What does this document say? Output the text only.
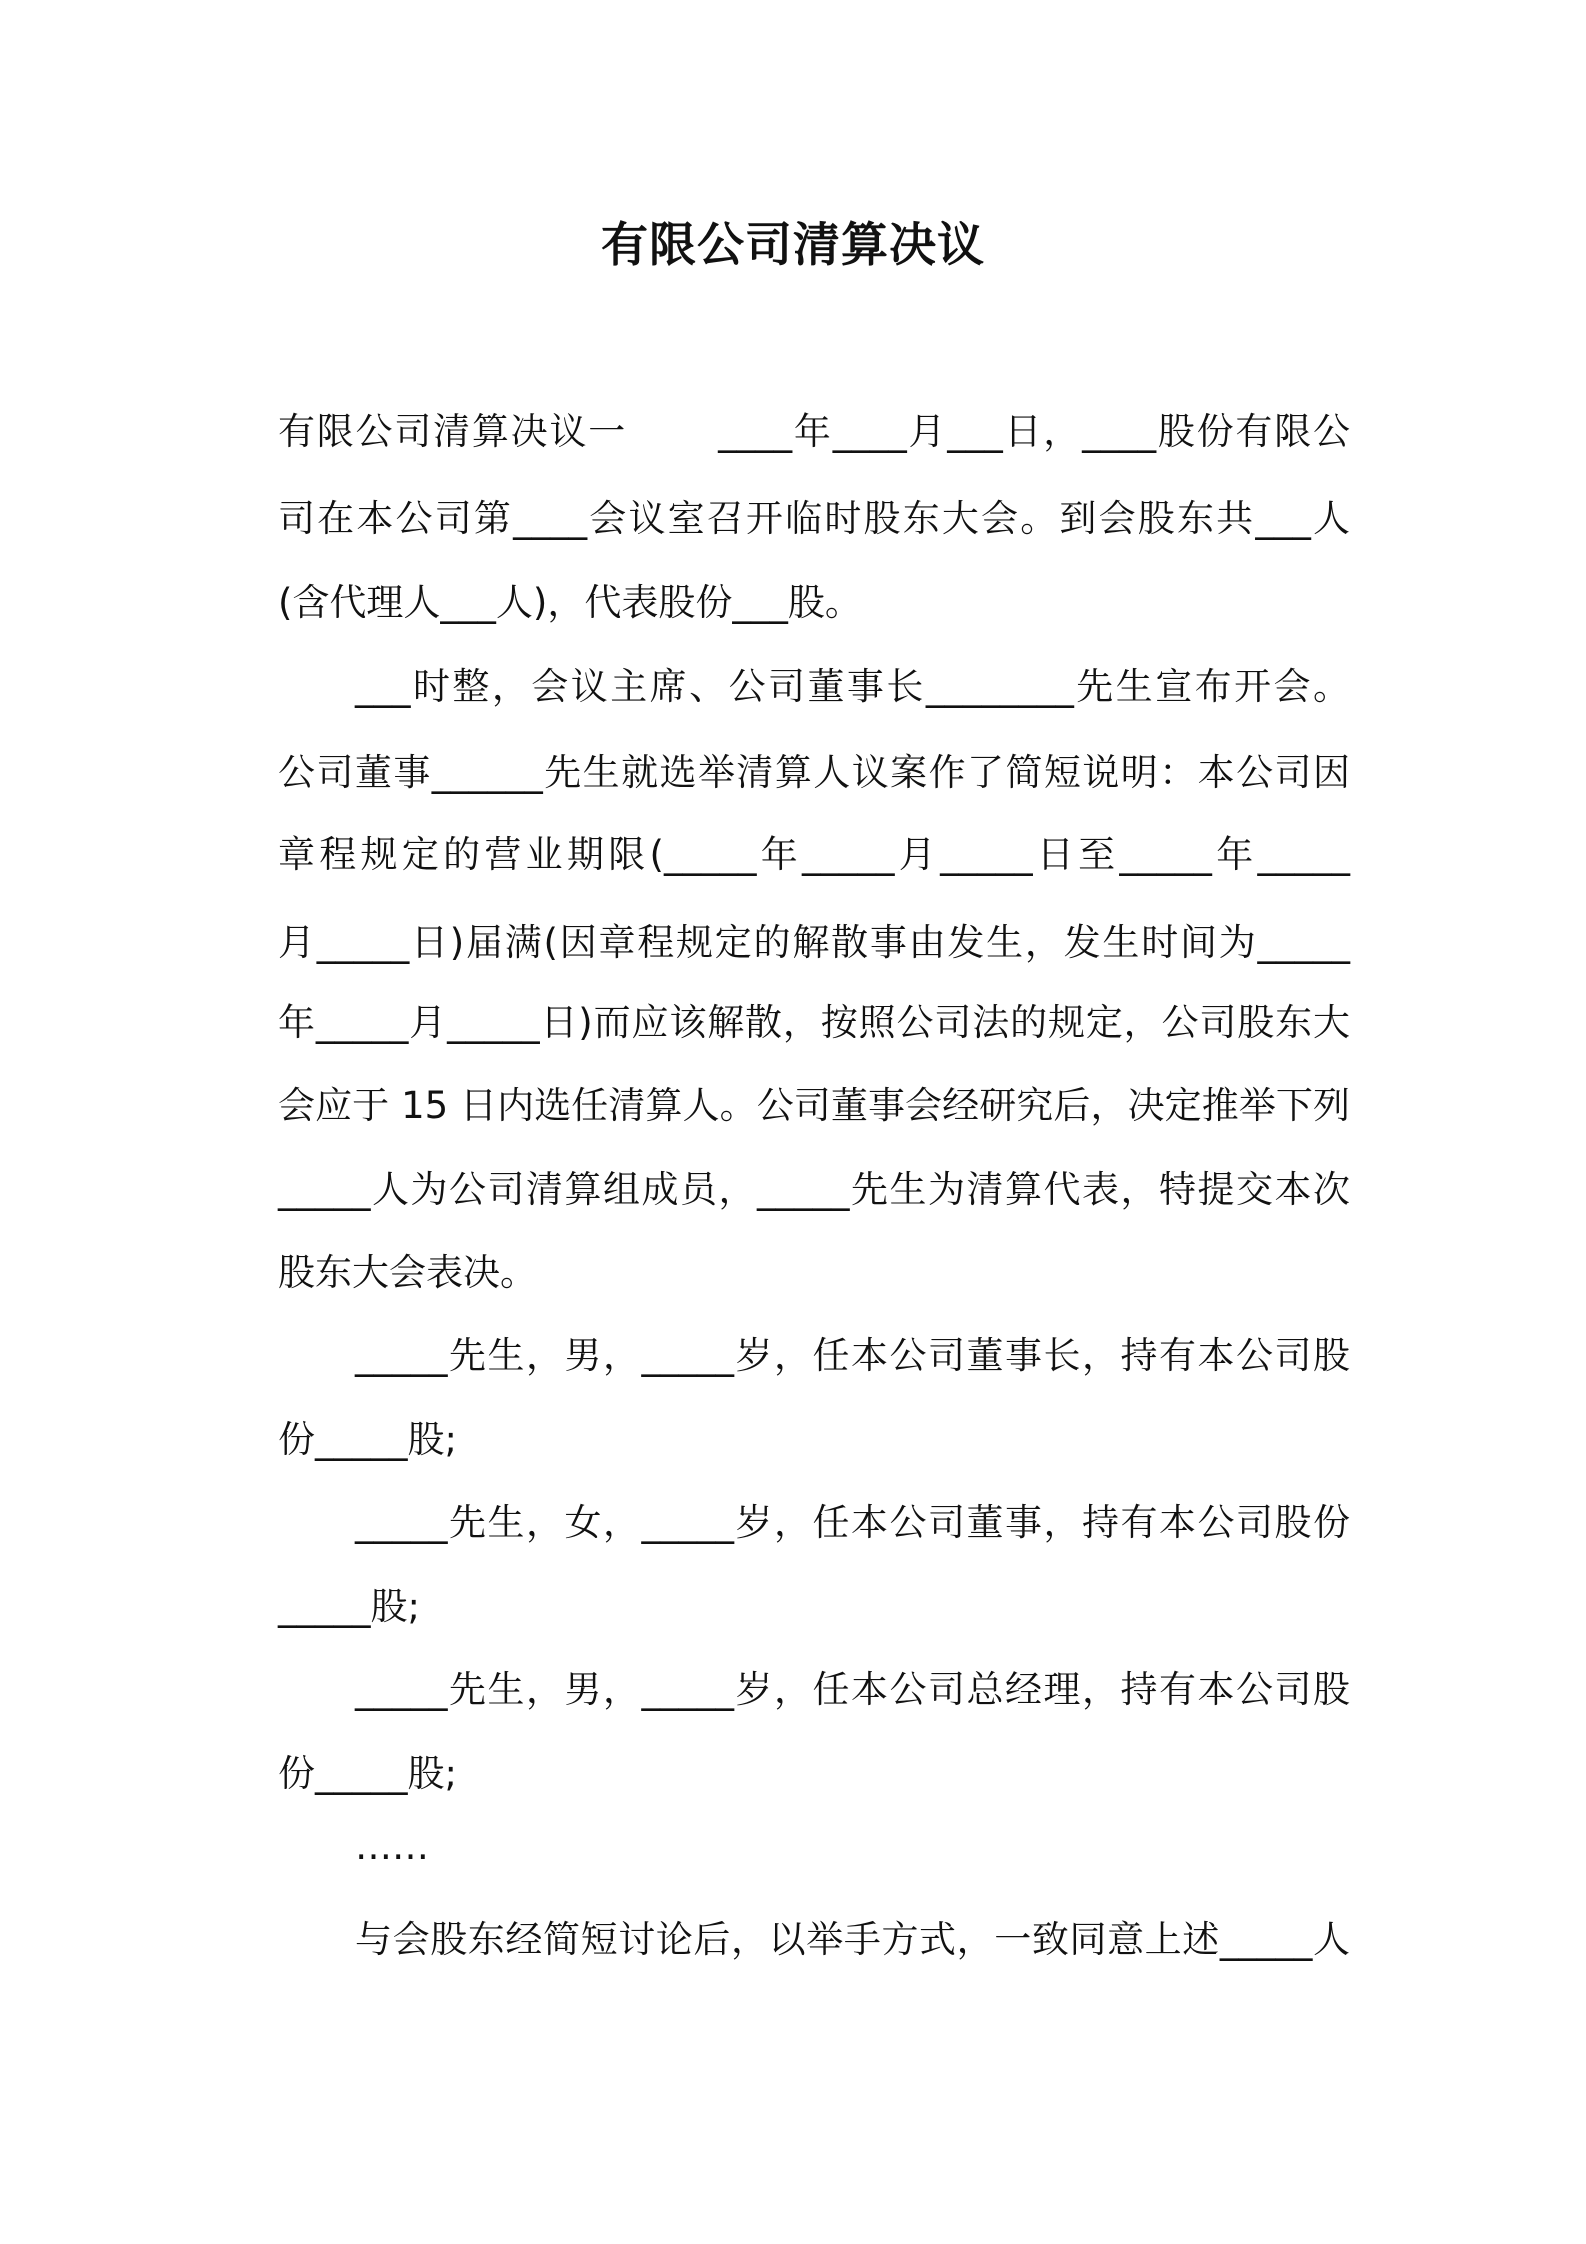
有限公司清算决议

有限公司清算决议一　　 ____年____月___日，____股份有限公

司在本公司第____会议室召开临时股东大会。到会股东共___人

(含代理人___人)，代表股份___股。

___时整，会议主席、公司董事长________先生宣布开会。

公司董事______先生就选举清算人议案作了简短说明：本公司因

章程规定的营业期限(_____年_____月_____日至_____年_____

月_____日)届满(因章程规定的解散事由发生，发生时间为_____

年_____月_____日)而应该解散，按照公司法的规定，公司股东大

会应于 15 日内选任清算人。公司董事会经研究后，决定推举下列

_____人为公司清算组成员，_____先生为清算代表，特提交本次

股东大会表决。

_____先生，男，_____岁，任本公司董事长，持有本公司股

份_____股;

_____先生，女，_____岁，任本公司董事，持有本公司股份

_____股;

_____先生，男，_____岁，任本公司总经理，持有本公司股

份_____股;

……

与会股东经简短讨论后，以举手方式，一致同意上述_____人
